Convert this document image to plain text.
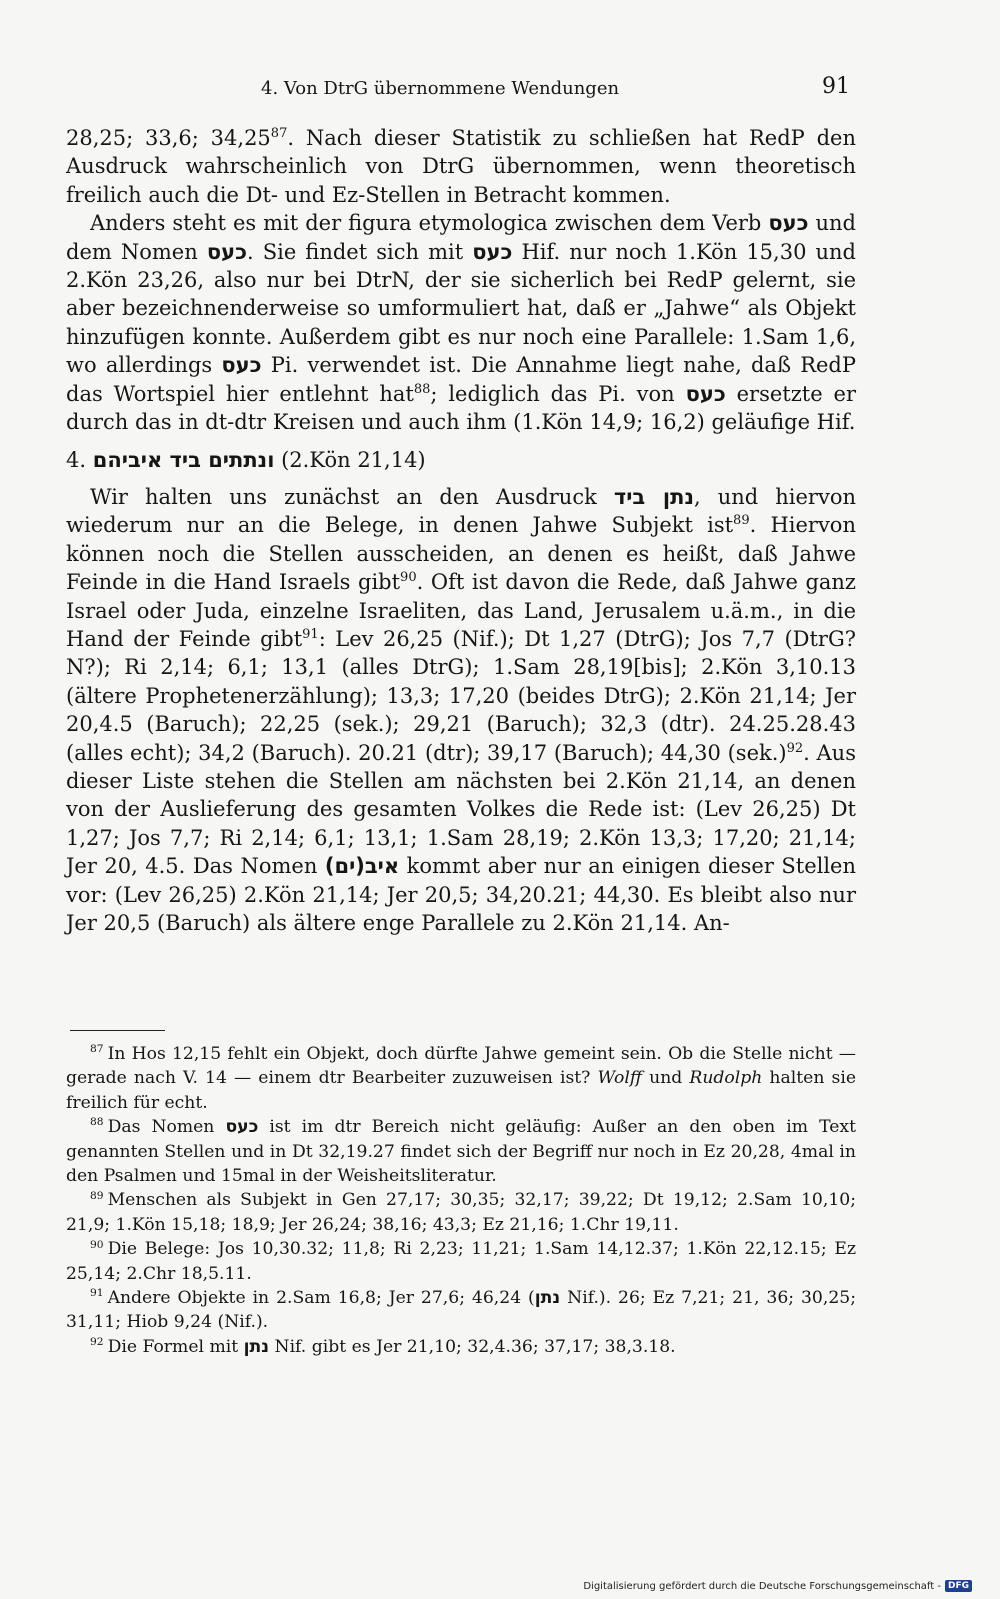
4. Von DtrG übernommene Wendungen	91

28,25; 33,6; 34,25$^{87}$. Nach dieser Statistik zu schließen hat RedP den Ausdruck wahrscheinlich von DtrG übernommen, wenn theoretisch freilich auch die Dt- und Ez-Stellen in Betracht kommen.

Anders steht es mit der figura etymologica zwischen dem Verb כעס und dem Nomen כעס. Sie findet sich mit כעס Hif. nur noch 1.Kön 15,30 und 2.Kön 23,26, also nur bei DtrN, der sie sicherlich bei RedP gelernt, sie aber bezeichnenderweise so umformuliert hat, daß er „Jahwe“ als Objekt hinzufügen konnte. Außerdem gibt es nur noch eine Parallele: 1.Sam 1,6, wo allerdings כעס Pi. verwendet ist. Die Annahme liegt nahe, daß RedP das Wortspiel hier entlehnt hat$^{88}$; lediglich das Pi. von כעס ersetzte er durch das in dt-dtr Kreisen und auch ihm (1.Kön 14,9; 16,2) geläufige Hif.

4. ונתתים ביד איביהם (2.Kön 21,14)

Wir halten uns zunächst an den Ausdruck נתן ביד, und hiervon wiederum nur an die Belege, in denen Jahwe Subjekt ist$^{89}$. Hiervon können noch die Stellen ausscheiden, an denen es heißt, daß Jahwe Feinde in die Hand Israels gibt$^{90}$. Oft ist davon die Rede, daß Jahwe ganz Israel oder Juda, einzelne Israeliten, das Land, Jerusalem u.ä.m., in die Hand der Feinde gibt$^{91}$: Lev 26,25 (Nif.); Dt 1,27 (DtrG); Jos 7,7 (DtrG? N?); Ri 2,14; 6,1; 13,1 (alles DtrG); 1.Sam 28,19[bis]; 2.Kön 3,10.13 (ältere Prophetenerzählung); 13,3; 17,20 (beides DtrG); 2.Kön 21,14; Jer 20,4.5 (Baruch); 22,25 (sek.); 29,21 (Baruch); 32,3 (dtr). 24.25.28.43 (alles echt); 34,2 (Baruch). 20.21 (dtr); 39,17 (Baruch); 44,30 $(sek.)^{92}$. Aus dieser Liste stehen die Stellen am nächsten bei 2.Kön 21,14, an denen von der Auslieferung des gesamten Volkes die Rede ist: (Lev 26,25) Dt 1,27; Jos 7,7; Ri 2,14; 6,1; 13,1; 1.Sam 28,19; 2.Kön 13,3; 17,20; 21,14; Jer 20, 4.5. Das Nomen איב(ים) kommt aber nur an einigen dieser Stellen vor: (Lev 26,25) 2.Kön 21,14; Jer 20,5; 34,20.21; 44,30. Es bleibt also nur Jer 20,5 (Baruch) als ältere enge Parallele zu 2.Kön 21,14. An-

$^{87}$ In Hos 12,15 fehlt ein Objekt, doch dürfte Jahwe gemeint sein. Ob die Stelle nicht — gerade nach V. 14 — einem dtr Bearbeiter zuzuweisen ist? Wolff und Rudolph halten sie freilich für echt.

$^{88}$ Das Nomen כעס ist im dtr Bereich nicht geläufig: Außer an den oben im Text genannten Stellen und in Dt 32,19.27 findet sich der Begriff nur noch in Ez 20,28, 4mal in den Psalmen und 15mal in der Weisheitsliteratur.

$^{89}$ Menschen als Subjekt in Gen 27,17; 30,35; 32,17; 39,22; Dt 19,12; 2.Sam 10,10; 21,9; 1.Kön 15,18; 18,9; Jer 26,24; 38,16; 43,3; Ez 21,16; 1.Chr 19,11.

$^{90}$ Die Belege: Jos 10,30.32; 11,8; Ri 2,23; 11,21; 1.Sam 14,12.37; 1.Kön 22,12.15; Ez 25,14; 2.Chr 18,5.11.

$^{91}$ Andere Objekte in 2.Sam 16,8; Jer 27,6; 46,24 (נתן Nif.). 26; Ez 7,21; 21, 36; 30,25; 31,11; Hiob 9,24 (Nif.).

$^{92}$ Die Formel mit נתן Nif. gibt es Jer 21,10; 32,4.36; 37,17; 38,3.18.

Digitalisierung gefördert durch die Deutsche Forschungsgemeinschaft - DFG
